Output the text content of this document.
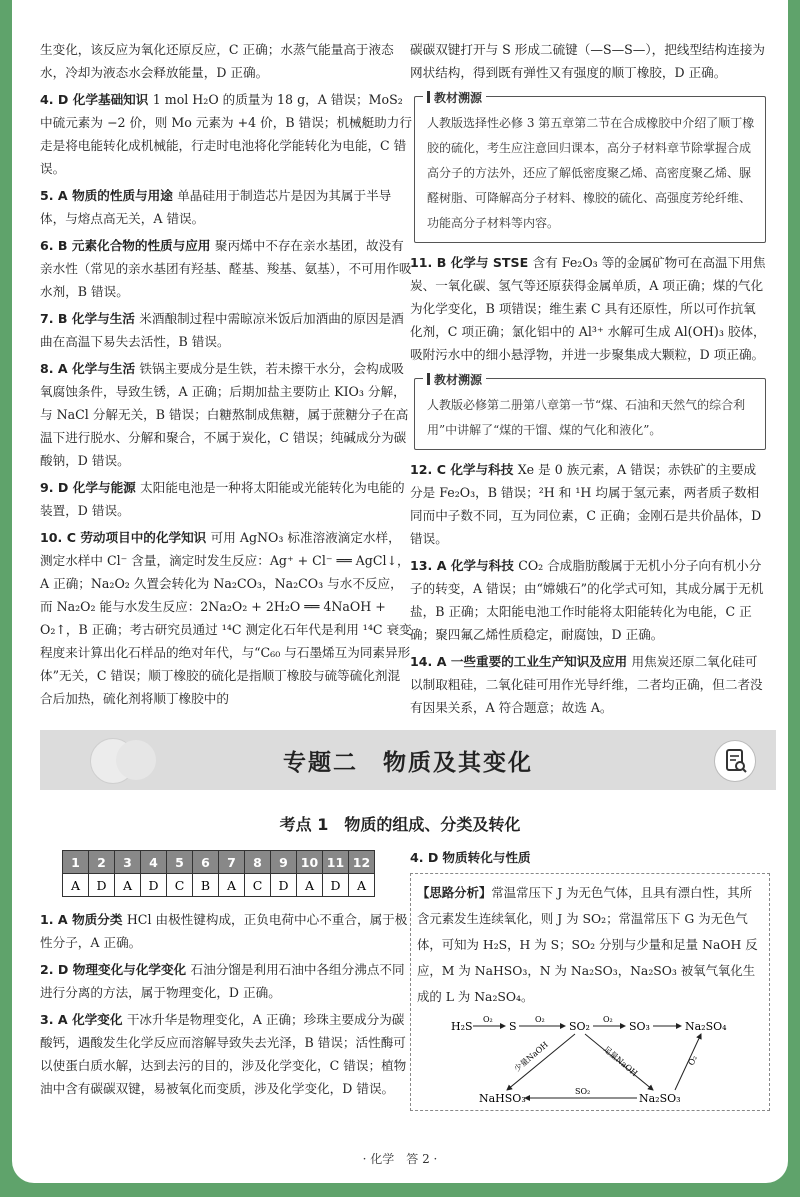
生变化，该反应为氧化还原反应，C 正确；水蒸气能量高于液态水，冷却为液态水会释放能量，D 正确。
4. D 化学基础知识 1 mol H₂O 的质量为 18 g，A 错误；MoS₂ 中硫元素为 −2 价，则 Mo 元素为 +4 价，B 错误；机械艇助力行走是将电能转化成机械能，行走时电池将化学能转化为电能，C 错误。
5. A 物质的性质与用途 单晶硅用于制造芯片是因为其属于半导体，与熔点高无关，A 错误。
6. B 元素化合物的性质与应用 聚丙烯中不存在亲水基团，故没有亲水性（常见的亲水基团有羟基、醛基、羧基、氨基），不可用作吸水剂，B 错误。
7. B 化学与生活 米酒酿制过程中需晾凉米饭后加酒曲的原因是酒曲在高温下易失去活性，B 错误。
8. A 化学与生活 铁锅主要成分是生铁，若未擦干水分，会构成吸氧腐蚀条件，导致生锈，A 正确；后期加盐主要防止 KIO₃ 分解，与 NaCl 分解无关，B 错误；白糖熬制成焦糖，属于蔗糖分子在高温下进行脱水、分解和聚合，不属于炭化，C 错误；纯碱成分为碳酸钠，D 错误。
9. D 化学与能源 太阳能电池是一种将太阳能或光能转化为电能的装置，D 错误。
10. C 劳动项目中的化学知识 可用 AgNO₃ 标准溶液滴定水样，测定水样中 Cl⁻ 含量，滴定时发生反应：Ag⁺ + Cl⁻ ══ AgCl↓，A 正确；Na₂O₂ 久置会转化为 Na₂CO₃，Na₂CO₃ 与水不反应，而 Na₂O₂ 能与水发生反应：2Na₂O₂ + 2H₂O ══ 4NaOH + O₂↑，B 正确；考古研究员通过 ¹⁴C 测定化石年代是利用 ¹⁴C 衰变程度来计算出化石样品的绝对年代，与“C₆₀ 与石墨烯互为同素异形体”无关，C 错误；顺丁橡胶的硫化是指顺丁橡胶与硫等硫化剂混合后加热，硫化剂将顺丁橡胶中的
碳碳双键打开与 S 形成二硫键（—S—S—），把线型结构连接为网状结构，得到既有弹性又有强度的顺丁橡胶，D 正确。
教材溯源
人教版选择性必修 3 第五章第二节在合成橡胶中介绍了顺丁橡胶的硫化，考生应注意回归课本，高分子材料章节除掌握合成高分子的方法外，还应了解低密度聚乙烯、高密度聚乙烯、脲醛树脂、可降解高分子材料、橡胶的硫化、高强度芳纶纤维、功能高分子材料等内容。
11. B 化学与 STSE 含有 Fe₂O₃ 等的金属矿物可在高温下用焦炭、一氧化碳、氢气等还原获得金属单质，A 项正确；煤的气化为化学变化，B 项错误；维生素 C 具有还原性，所以可作抗氧化剂，C 项正确；氯化铝中的 Al³⁺ 水解可生成 Al(OH)₃ 胶体，吸附污水中的细小悬浮物，并进一步聚集成大颗粒，D 项正确。
教材溯源
人教版必修第二册第八章第一节“煤、石油和天然气的综合利用”中讲解了“煤的干馏、煤的气化和液化”。
12. C 化学与科技 Xe 是 0 族元素，A 错误；赤铁矿的主要成分是 Fe₂O₃，B 错误；²H 和 ¹H 均属于氢元素，两者质子数相同而中子数不同，互为同位素，C 正确；金刚石是共价晶体，D 错误。
13. A 化学与科技 CO₂ 合成脂肪酸属于无机小分子向有机小分子的转变，A 错误；由“嫦娥石”的化学式可知，其成分属于无机盐，B 正确；太阳能电池工作时能将太阳能转化为电能，C 正确；聚四氟乙烯性质稳定，耐腐蚀，D 正确。
14. A 一些重要的工业生产知识及应用 用焦炭还原二氧化硅可以制取粗硅，二氧化硅可用作光导纤维，二者均正确，但二者没有因果关系，A 符合题意；故选 A。
专题二　物质及其变化
考点 1　物质的组成、分类及转化
1	2	3	4	5	6	7	8	9	10	11	12
A	D	A	D	C	B	A	C	D	A	D	A
1. A 物质分类 HCl 由极性键构成，正负电荷中心不重合，属于极性分子，A 正确。
2. D 物理变化与化学变化 石油分馏是利用石油中各组分沸点不同进行分离的方法，属于物理变化，D 正确。
3. A 化学变化 干冰升华是物理变化，A 正确；珍珠主要成分为碳酸钙，遇酸发生化学反应而溶解导致失去光泽，B 错误；活性酶可以使蛋白质水解，达到去污的目的，涉及化学变化，C 错误；植物油中含有碳碳双键，易被氧化而变质，涉及化学变化，D 错误。
4. D 物质转化与性质
【思路分析】常温常压下 J 为无色气体，且具有漂白性，其所含元素发生连续氧化，则 J 为 SO₂；常温常压下 G 为无色气体，可知为 H₂S，H 为 S；SO₂ 分别与少量和足量 NaOH 反应，M 为 NaHSO₃，N 为 Na₂SO₃，Na₂SO₃ 被氧气氧化生成的 L 为 Na₂SO₄。
H₂S	S	SO₂	SO₃	Na₂SO₄
NaHSO₃	Na₂SO₃
O₂	O₂	O₂
少量NaOH	足量NaOH
SO₂
O₂
· 化学　答 2 ·
